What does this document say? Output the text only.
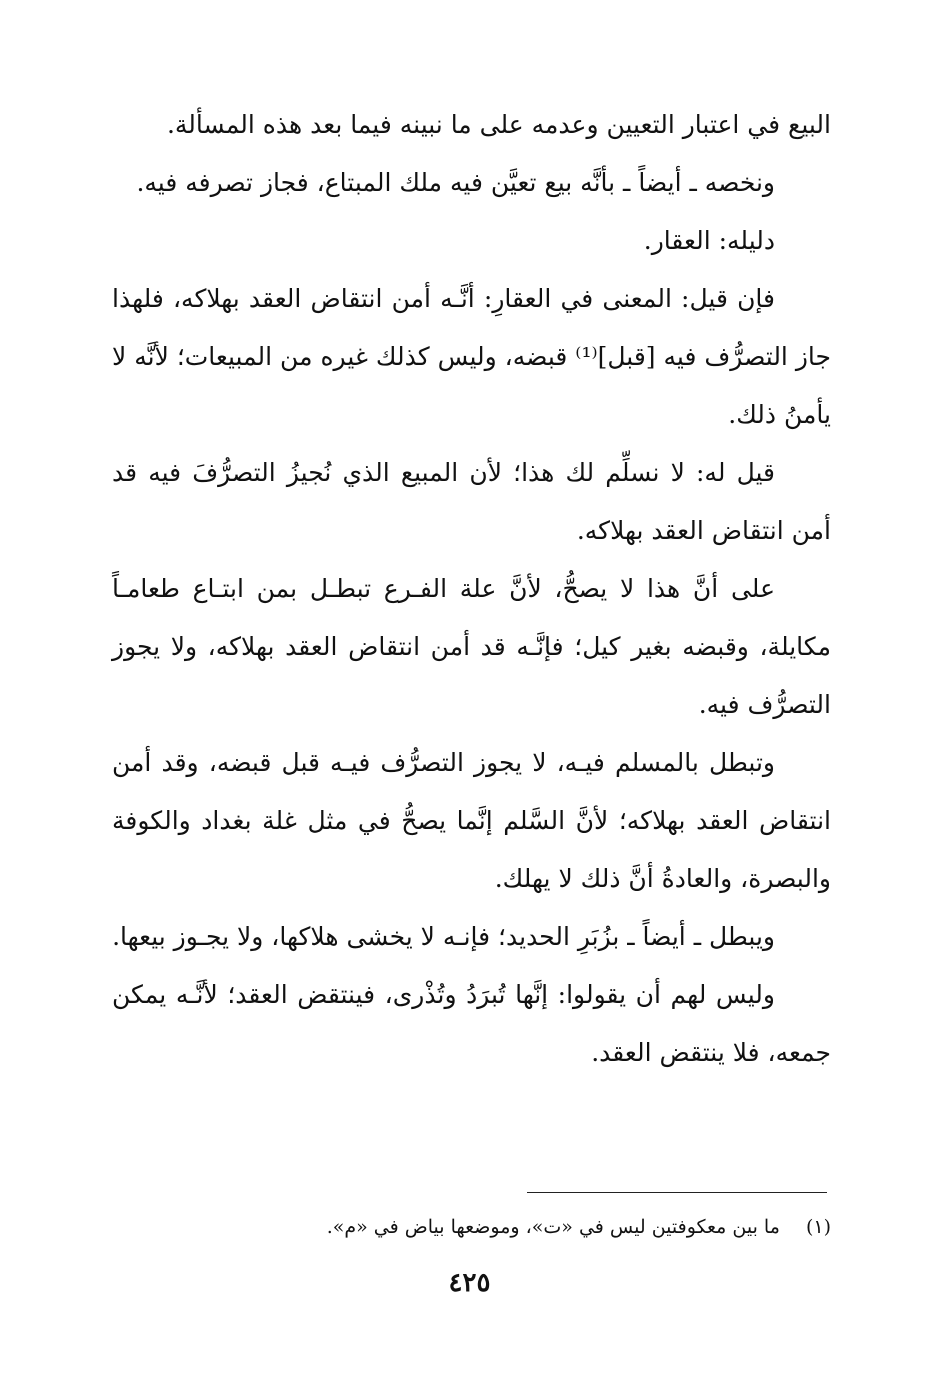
البيع في اعتبار التعيين وعدمه على ما نبينه فيما بعد هذه المسألة.

ونخصه ـ أيضاً ـ بأنَّه بيع تعيَّن فيه ملك المبتاع، فجاز تصرفه فيه.

دليله: العقار.

فإن قيل: المعنى في العقارِ: أنَّـه أمن انتقاض العقد بهلاكه، فلهذا جاز التصرُّف فيه [قبل]⁽¹⁾ قبضه، وليس كذلك غيره من المبيعات؛ لأنَّه لا يأمنُ ذلك.

قيل له: لا نسلِّم لك هذا؛ لأن المبيع الذي نُجيزُ التصرُّفَ فيه قد أمن انتقاض العقد بهلاكه.

على أنَّ هذا لا يصحُّ، لأنَّ علة الفـرع تبطـل بمن ابتـاع طعامـاً مكايلة، وقبضه بغير كيل؛ فإنَّـه قد أمن انتقاض العقد بهلاكه، ولا يجوز التصرُّف فيه.

وتبطل بالمسلم فيـه، لا يجوز التصرُّف فيـه قبل قبضه، وقد أمن انتقاض العقد بهلاكه؛ لأنَّ السَّلم إنَّما يصحُّ في مثل غلة بغداد والكوفة والبصرة، والعادةُ أنَّ ذلك لا يهلك.

ويبطل ـ أيضاً ـ بزُبَرِ الحديد؛ فإنـه لا يخشى هلاكها، ولا يجـوز بيعها.

وليس لهم أن يقولوا: إنَّها تُبرَدُ وتُذْرى، فينتقض العقد؛ لأنَّـه يمكن جمعه، فلا ينتقض العقد.

(١) ما بين معكوفتين ليس في «ت»، وموضعها بياض في «م».
٤٢٥
